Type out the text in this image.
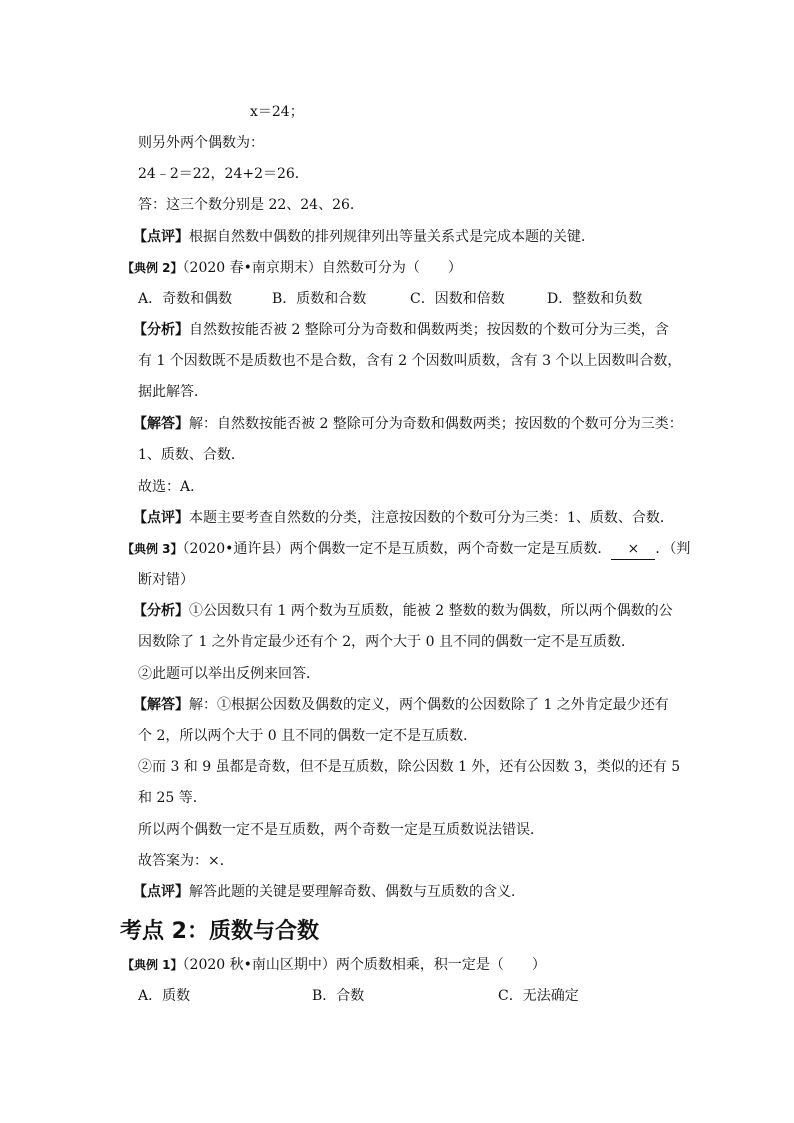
x＝24；
则另外两个偶数为：
24﹣2＝22，24+2＝26．
答：这三个数分别是 22、24、26．
【点评】根据自然数中偶数的排列规律列出等量关系式是完成本题的关键．
【典例 2】（2020 春•南京期末）自然数可分为（　　）
A．奇数和偶数	B．质数和合数	C．因数和倍数	D．整数和负数
【分析】自然数按能否被 2 整除可分为奇数和偶数两类；按因数的个数可分为三类，含
有 1 个因数既不是质数也不是合数，含有 2 个因数叫质数，含有 3 个以上因数叫合数，
据此解答．
【解答】解：自然数按能否被 2 整除可分为奇数和偶数两类；按因数的个数可分为三类：
1、质数、合数．
故选：A．
【点评】本题主要考查自然数的分类，注意按因数的个数可分为三类：1、质数、合数．
【典例 3】（2020•通许县）两个偶数一定不是互质数，两个奇数一定是互质数． × ．（判
断对错）
【分析】①公因数只有 1 两个数为互质数，能被 2 整数的数为偶数，所以两个偶数的公
因数除了 1 之外肯定最少还有个 2，两个大于 0 且不同的偶数一定不是互质数．
②此题可以举出反例来回答．
【解答】解：①根据公因数及偶数的定义，两个偶数的公因数除了 1 之外肯定最少还有
个 2，所以两个大于 0 且不同的偶数一定不是互质数．
②而 3 和 9 虽都是奇数，但不是互质数，除公因数 1 外，还有公因数 3，类似的还有 5
和 25 等．
所以两个偶数一定不是互质数，两个奇数一定是互质数说法错误．
故答案为：×．
【点评】解答此题的关键是要理解奇数、偶数与互质数的含义．
考点 2：质数与合数
【典例 1】（2020 秋•南山区期中）两个质数相乘，积一定是（　　）
A．质数	B．合数	C．无法确定
